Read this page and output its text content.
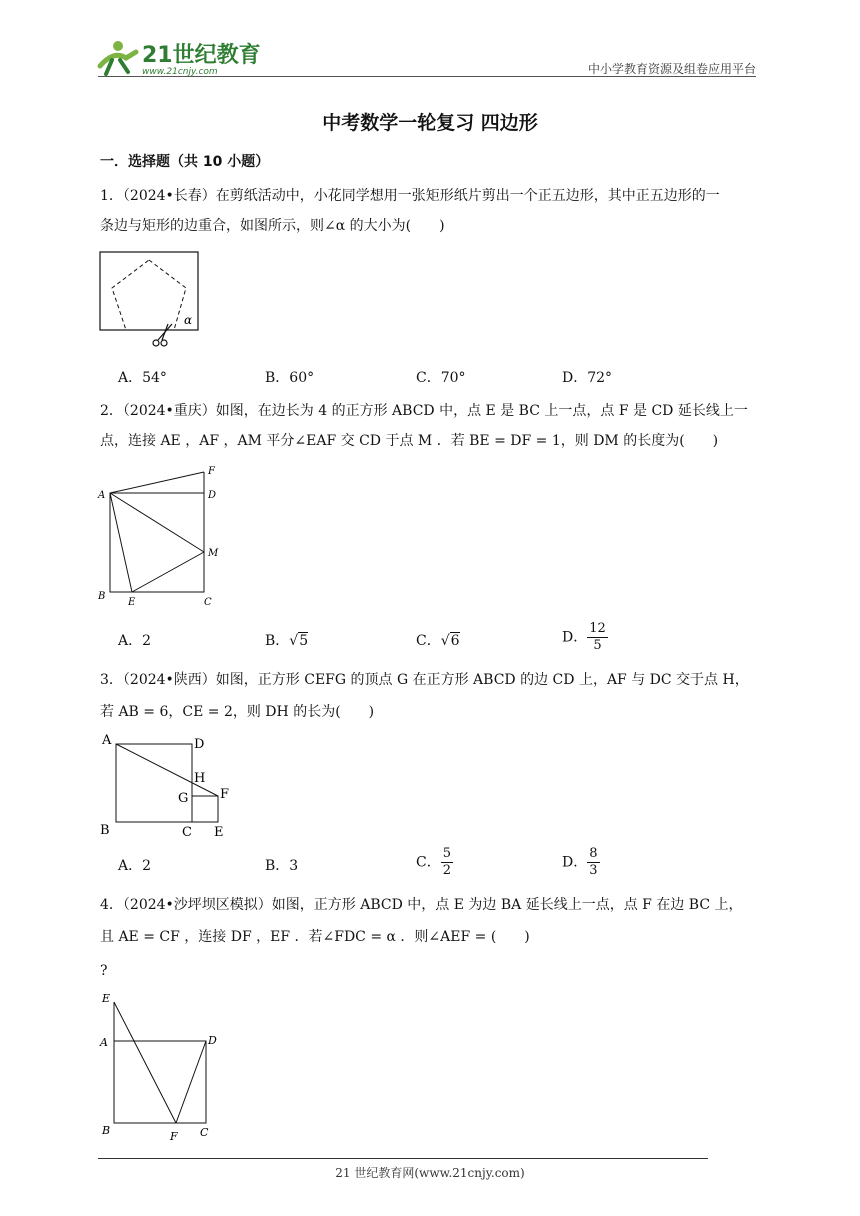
21世纪教育
www.21cnjy.com	中小学教育资源及组卷应用平台
中考数学一轮复习 四边形
一．选择题（共 10 小题）
1．（2024•长春）在剪纸活动中，小花同学想用一张矩形纸片剪出一个正五边形，其中正五边形的一
条边与矩形的边重合，如图所示，则∠α 的大小为(　　)
α
A．54°	B．60°	C．70°	D．72°
2．（2024•重庆）如图，在边长为 4 的正方形 ABCD 中，点 E 是 BC 上一点，点 F 是 CD 延长线上一
点，连接 AE ，AF ，AM 平分∠EAF 交 CD 于点 M ．若 BE = DF = 1，则 DM 的长度为(　　)
F
A	D
M
B
E	C
A．2	B．√5	C．√6	D． $\frac{12}{5}$
3．（2024•陕西）如图，正方形 CEFG 的顶点 G 在正方形 ABCD 的边 CD 上，AF 与 DC 交于点 H，
若 AB = 6，CE = 2，则 DH 的长为(　　)
A	D
H
G F
B	C E
A．2	B．3	C． $\frac{5}{2}$	D． $\frac{8}{3}$
4．（2024•沙坪坝区模拟）如图，正方形 ABCD 中，点 E 为边 BA 延长线上一点，点 F 在边 BC 上，
且 AE = CF ，连接 DF ，EF ．若∠FDC = α ．则∠AEF = (　　)
?
E
A	D
B	F C
21 世纪教育网(www.21cnjy.com)
